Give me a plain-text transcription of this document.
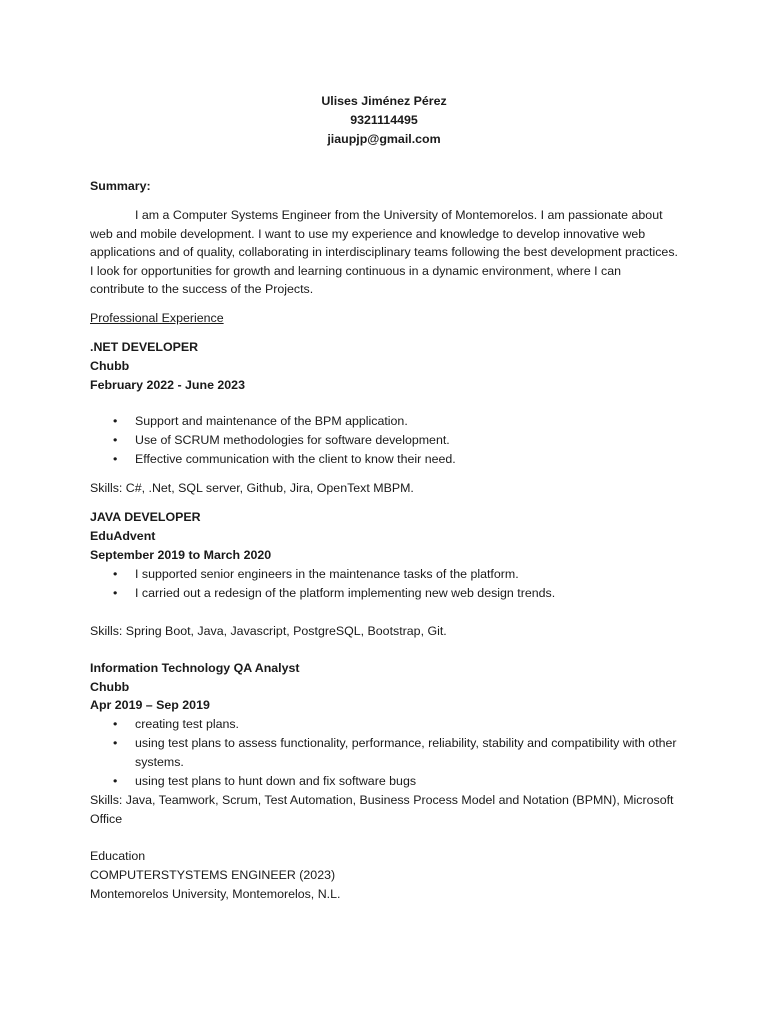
Ulises Jiménez Pérez
9321114495
jiaupjp@gmail.com
Summary:

I am a Computer Systems Engineer from the University of Montemorelos. I am passionate about web and mobile development. I want to use my experience and knowledge to develop innovative web applications and of quality, collaborating in interdisciplinary teams following the best development practices. I look for opportunities for growth and learning continuous in a dynamic environment, where I can contribute to the success of the Projects.

Professional Experience
.NET DEVELOPER
Chubb
February 2022 - June 2023
• Support and maintenance of the BPM application.
• Use of SCRUM methodologies for software development.
• Effective communication with the client to know their need.
Skills: C#, .Net, SQL server, Github, Jira, OpenText MBPM.
JAVA DEVELOPER
EduAdvent
September 2019 to March 2020
• I supported senior engineers in the maintenance tasks of the platform.
• I carried out a redesign of the platform implementing new web design trends.
Skills: Spring Boot, Java, Javascript, PostgreSQL, Bootstrap, Git.
Information Technology QA Analyst
Chubb
Apr 2019 – Sep 2019
• creating test plans.
• using test plans to assess functionality, performance, reliability, stability and compatibility with other systems.
• using test plans to hunt down and fix software bugs
Skills: Java, Teamwork, Scrum, Test Automation, Business Process Model and Notation (BPMN), Microsoft Office
Education
COMPUTERSTYSTEMS ENGINEER (2023)
Montemorelos University, Montemorelos, N.L.
